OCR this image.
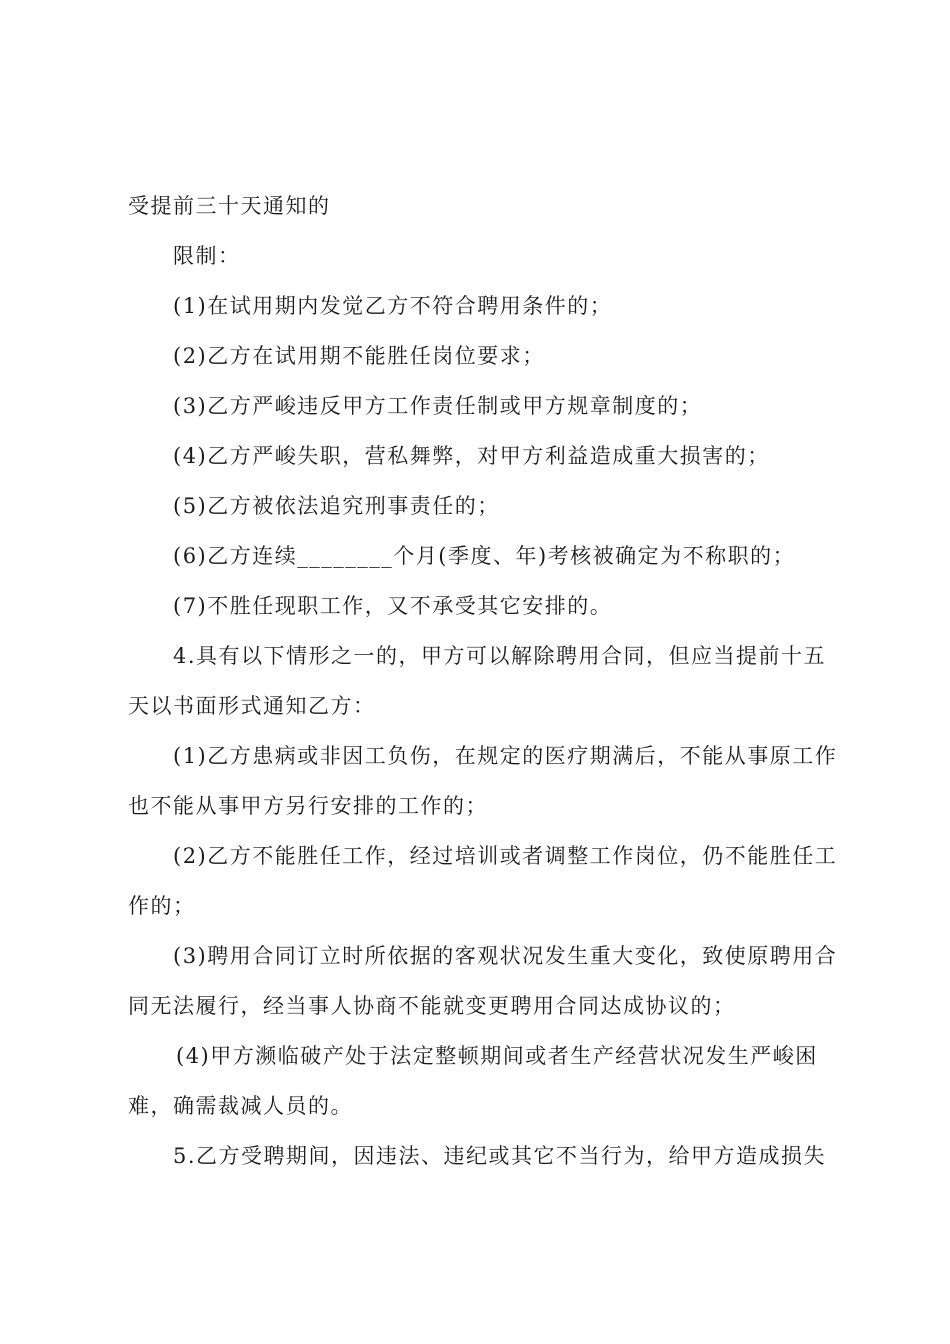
受提前三十天通知的
限制：
(1)在试用期内发觉乙方不符合聘用条件的；
(2)乙方在试用期不能胜任岗位要求；
(3)乙方严峻违反甲方工作责任制或甲方规章制度的；
(4)乙方严峻失职，营私舞弊，对甲方利益造成重大损害的；
(5)乙方被依法追究刑事责任的；
(6)乙方连续________个月(季度、年)考核被确定为不称职的；
(7)不胜任现职工作，又不承受其它安排的。
4.具有以下情形之一的，甲方可以解除聘用合同，但应当提前十五
天以书面形式通知乙方：
(1)乙方患病或非因工负伤，在规定的医疗期满后，不能从事原工作
也不能从事甲方另行安排的工作的；
(2)乙方不能胜任工作，经过培训或者调整工作岗位，仍不能胜任工
作的；
(3)聘用合同订立时所依据的客观状况发生重大变化，致使原聘用合
同无法履行，经当事人协商不能就变更聘用合同达成协议的；
(4)甲方濒临破产处于法定整顿期间或者生产经营状况发生严峻困
难，确需裁减人员的。
5.乙方受聘期间，因违法、违纪或其它不当行为，给甲方造成损失
